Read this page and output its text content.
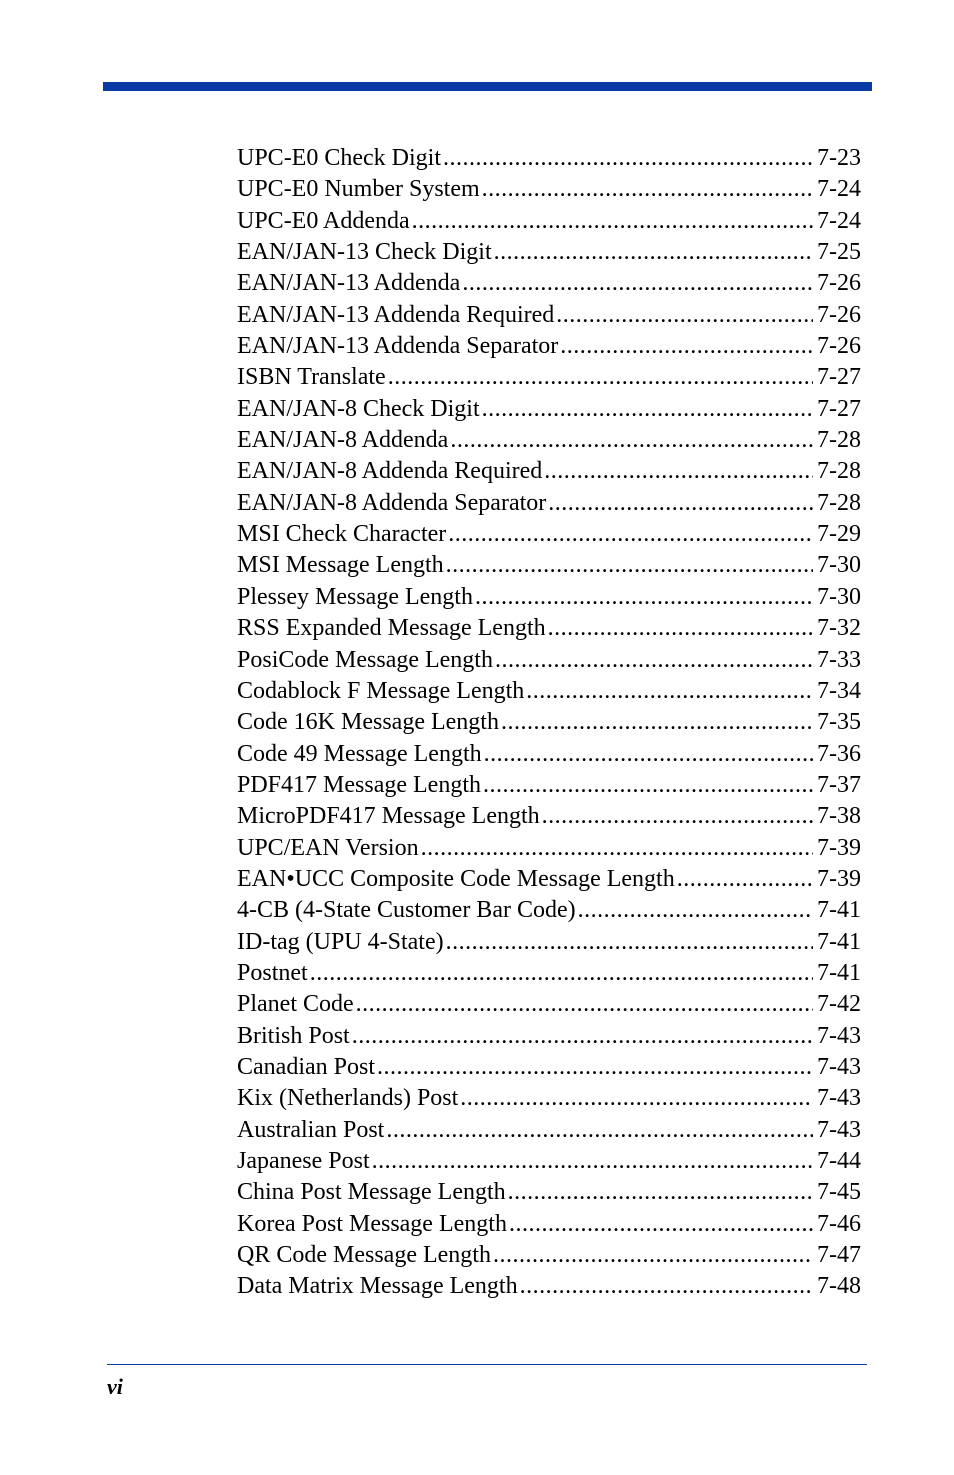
UPC-E0 Check Digit .....	7-23
UPC-E0 Number System .....	7-24
UPC-E0 Addenda .....	7-24
EAN/JAN-13 Check Digit .....	7-25
EAN/JAN-13 Addenda .....	7-26
EAN/JAN-13 Addenda Required .....	7-26
EAN/JAN-13 Addenda Separator .....	7-26
ISBN Translate .....	7-27
EAN/JAN-8 Check Digit .....	7-27
EAN/JAN-8 Addenda .....	7-28
EAN/JAN-8 Addenda Required .....	7-28
EAN/JAN-8 Addenda Separator .....	7-28
MSI Check Character .....	7-29
MSI Message Length .....	7-30
Plessey Message Length .....	7-30
RSS Expanded Message Length .....	7-32
PosiCode Message Length .....	7-33
Codablock F Message Length .....	7-34
Code 16K Message Length .....	7-35
Code 49 Message Length .....	7-36
PDF417 Message Length .....	7-37
MicroPDF417 Message Length .....	7-38
UPC/EAN Version .....	7-39
EAN•UCC Composite Code Message Length .....	7-39
4-CB (4-State Customer Bar Code) .....	7-41
ID-tag (UPU 4-State) .....	7-41
Postnet .....	7-41
Planet Code .....	7-42
British Post .....	7-43
Canadian Post .....	7-43
Kix (Netherlands) Post .....	7-43
Australian Post .....	7-43
Japanese Post .....	7-44
China Post Message Length .....	7-45
Korea Post Message Length .....	7-46
QR Code Message Length .....	7-47
Data Matrix Message Length .....	7-48
vi
